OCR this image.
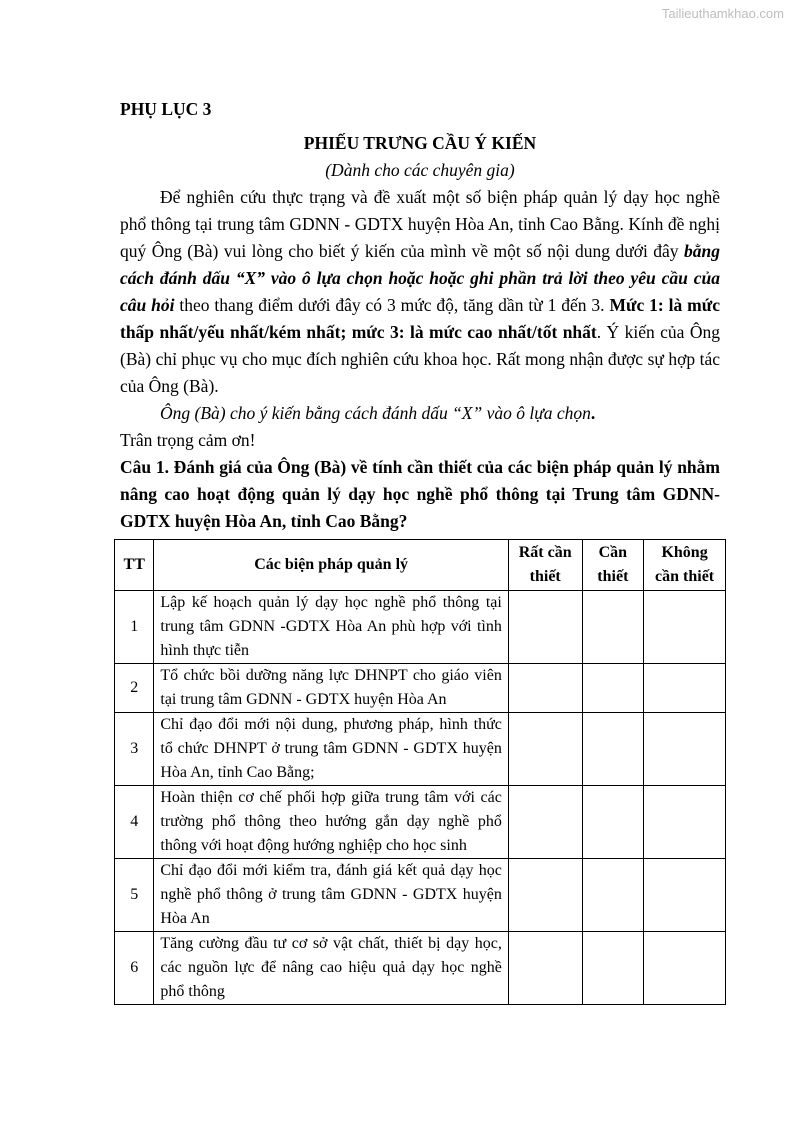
Tailieuthamkhao.com

PHỤ LỤC 3

PHIẾU TRƯNG CẦU Ý KIẾN

(Dành cho các chuyên gia)

Để nghiên cứu thực trạng và đề xuất một số biện pháp quản lý dạy học nghề phổ thông tại trung tâm GDNN - GDTX huyện Hòa An, tỉnh Cao Bằng. Kính đề nghị quý Ông (Bà) vui lòng cho biết ý kiến của mình về một số nội dung dưới đây bằng cách đánh dấu “X” vào ô lựa chọn hoặc hoặc ghi phần trả lời theo yêu cầu của câu hỏi theo thang điểm dưới đây có 3 mức độ, tăng dần từ 1 đến 3. Mức 1: là mức thấp nhất/yếu nhất/kém nhất; mức 3: là mức cao nhất/tốt nhất. Ý kiến của Ông (Bà) chỉ phục vụ cho mục đích nghiên cứu khoa học. Rất mong nhận được sự hợp tác của Ông (Bà).

Ông (Bà) cho ý kiến bằng cách đánh dấu “X” vào ô lựa chọn.

Trân trọng cảm ơn!

Câu 1. Đánh giá của Ông (Bà) về tính cần thiết của các biện pháp quản lý nhằm nâng cao hoạt động quản lý dạy học nghề phổ thông tại Trung tâm GDNN-GDTX huyện Hòa An, tỉnh Cao Bằng?

TT	Các biện pháp quản lý	Rất cần thiết	Cần thiết	Không cần thiết
1	Lập kế hoạch quản lý dạy học nghề phổ thông tại trung tâm GDNN -GDTX Hòa An phù hợp với tình hình thực tiễn			
2	Tổ chức bồi dưỡng năng lực DHNPT cho giáo viên tại trung tâm GDNN - GDTX huyện Hòa An			
3	Chỉ đạo đổi mới nội dung, phương pháp, hình thức tổ chức DHNPT ở trung tâm GDNN - GDTX huyện Hòa An, tỉnh Cao Bằng;			
4	Hoàn thiện cơ chế phối hợp giữa trung tâm với các trường phổ thông theo hướng gắn dạy nghề phổ thông với hoạt động hướng nghiệp cho học sinh			
5	Chỉ đạo đổi mới kiểm tra, đánh giá kết quả dạy học nghề phổ thông ở trung tâm GDNN - GDTX huyện Hòa An			
6	Tăng cường đầu tư cơ sở vật chất, thiết bị dạy học, các nguồn lực để nâng cao hiệu quả dạy học nghề phổ thông			
